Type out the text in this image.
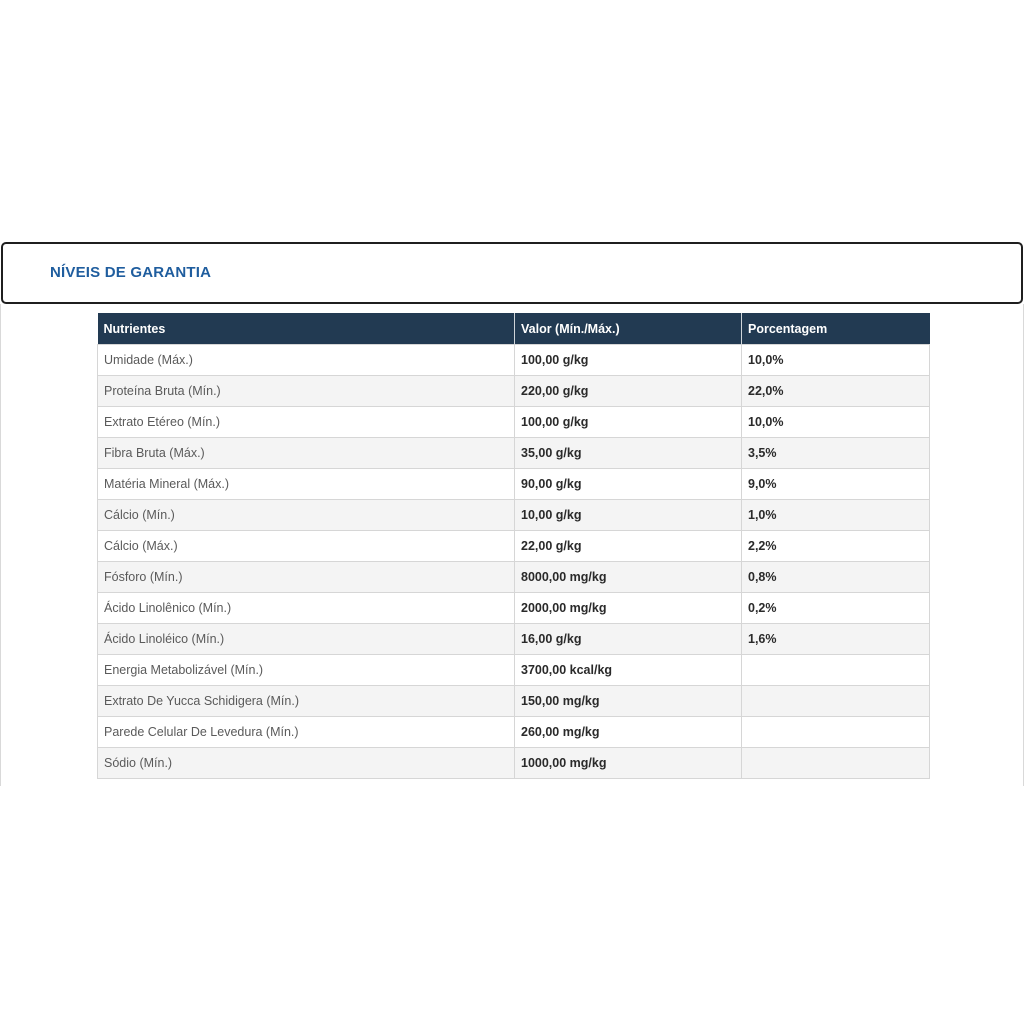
NÍVEIS DE GARANTIA
Nutrientes	Valor (Mín./Máx.)	Porcentagem
Umidade (Máx.)	100,00 g/kg	10,0%
Proteína Bruta (Mín.)	220,00 g/kg	22,0%
Extrato Etéreo (Mín.)	100,00 g/kg	10,0%
Fibra Bruta (Máx.)	35,00 g/kg	3,5%
Matéria Mineral (Máx.)	90,00 g/kg	9,0%
Cálcio (Mín.)	10,00 g/kg	1,0%
Cálcio (Máx.)	22,00 g/kg	2,2%
Fósforo (Mín.)	8000,00 mg/kg	0,8%
Ácido Linolênico (Mín.)	2000,00 mg/kg	0,2%
Ácido Linoléico (Mín.)	16,00 g/kg	1,6%
Energia Metabolizável (Mín.)	3700,00 kcal/kg	
Extrato De Yucca Schidigera (Mín.)	150,00 mg/kg	
Parede Celular De Levedura (Mín.)	260,00 mg/kg	
Sódio (Mín.)	1000,00 mg/kg	
